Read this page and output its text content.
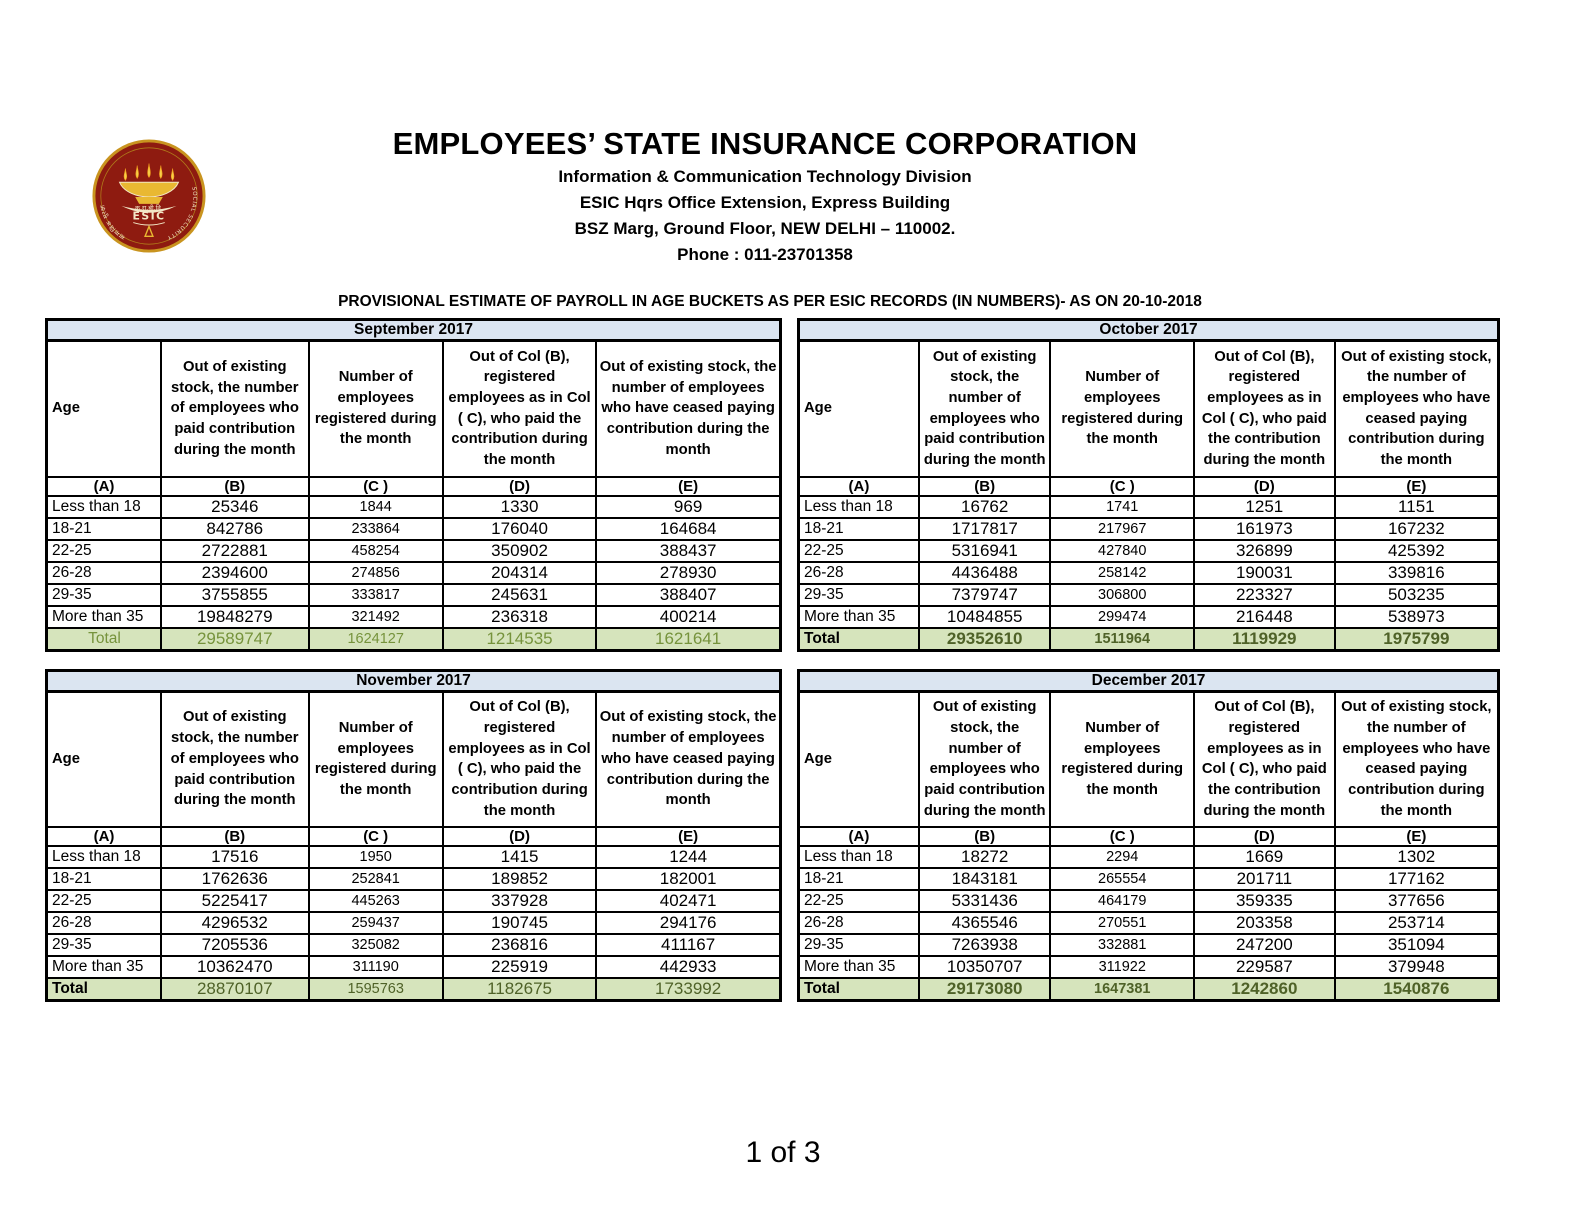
क.रा.बी.नि.
ESIC
सामाजिक सुरक्षा
SOCIAL SECURITY
EMPLOYEES’ STATE INSURANCE CORPORATION
Information & Communication Technology Division
ESIC Hqrs Office Extension, Express Building
BSZ Marg, Ground Floor, NEW DELHI – 110002.
Phone : 011-23701358
PROVISIONAL ESTIMATE OF PAYROLL IN AGE BUCKETS AS PER ESIC RECORDS (IN NUMBERS)- AS ON 20-10-2018
September 2017				
Age	Out of existing stock, the number of employees who paid contribution during the month	Number of employees registered during the month	Out of Col (B), registered employees as in Col ( C), who paid the contribution during the month	Out of existing stock, the number of employees who have ceased paying contribution during the month
(A)	(B)	(C )	(D)	(E)
Less than 18	25346	1844	1330	969
18-21	842786	233864	176040	164684
22-25	2722881	458254	350902	388437
26-28	2394600	274856	204314	278930
29-35	3755855	333817	245631	388407
More than 35	19848279	321492	236318	400214
Total	29589747	1624127	1214535	1621641
October 2017				
Age	Out of existing stock, the number of employees who paid contribution during the month	Number of employees registered during the month	Out of Col (B), registered employees as in Col ( C), who paid the contribution during the month	Out of existing stock, the number of employees who have ceased paying contribution during the month
(A)	(B)	(C )	(D)	(E)
Less than 18	16762	1741	1251	1151
18-21	1717817	217967	161973	167232
22-25	5316941	427840	326899	425392
26-28	4436488	258142	190031	339816
29-35	7379747	306800	223327	503235
More than 35	10484855	299474	216448	538973
Total	29352610	1511964	1119929	1975799
November 2017				
Age	Out of existing stock, the number of employees who paid contribution during the month	Number of employees registered during the month	Out of Col (B), registered employees as in Col ( C), who paid the contribution during the month	Out of existing stock, the number of employees who have ceased paying contribution during the month
(A)	(B)	(C )	(D)	(E)
Less than 18	17516	1950	1415	1244
18-21	1762636	252841	189852	182001
22-25	5225417	445263	337928	402471
26-28	4296532	259437	190745	294176
29-35	7205536	325082	236816	411167
More than 35	10362470	311190	225919	442933
Total	28870107	1595763	1182675	1733992
December 2017				
Age	Out of existing stock, the number of employees who paid contribution during the month	Number of employees registered during the month	Out of Col (B), registered employees as in Col ( C), who paid the contribution during the month	Out of existing stock, the number of employees who have ceased paying contribution during the month
(A)	(B)	(C )	(D)	(E)
Less than 18	18272	2294	1669	1302
18-21	1843181	265554	201711	177162
22-25	5331436	464179	359335	377656
26-28	4365546	270551	203358	253714
29-35	7263938	332881	247200	351094
More than 35	10350707	311922	229587	379948
Total	29173080	1647381	1242860	1540876
1 of 3
